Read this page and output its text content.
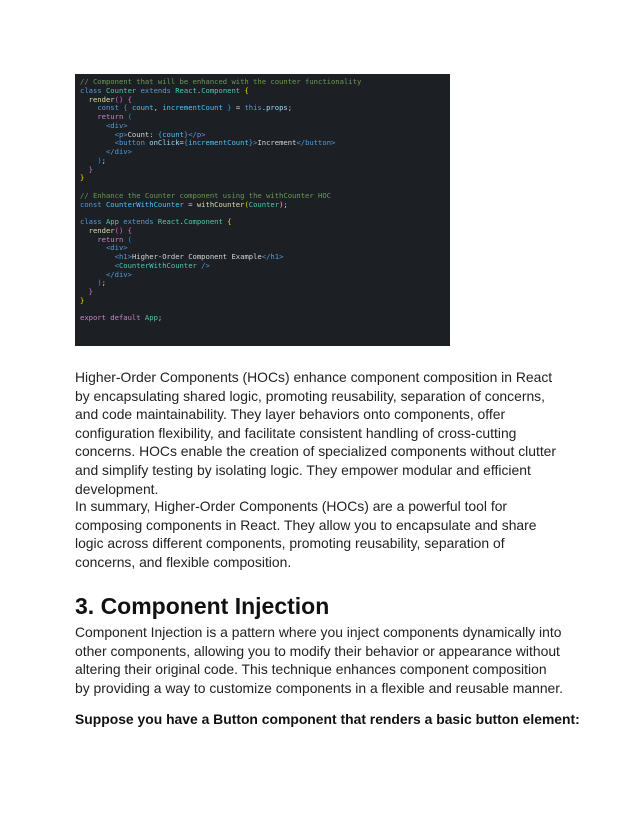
// Component that will be enhanced with the counter functionality
class Counter extends React.Component {
render() {
const { count, incrementCount } = this.props;
return (
<div>
<p>Count: {count}</p>
<button onClick={incrementCount}>Increment</button>
</div>
);
}
}
// Enhance the Counter component using the withCounter HOC
const CounterWithCounter = withCounter(Counter);
class App extends React.Component {
render() {
return (
<div>
<h1>Higher-Order Component Example</h1>
<CounterWithCounter />
</div>
);
}
}
export default App;

Higher-Order Components (HOCs) enhance component composition in React by encapsulating shared logic, promoting reusability, separation of concerns, and code maintainability. They layer behaviors onto components, offer configuration flexibility, and facilitate consistent handling of cross-cutting concerns. HOCs enable the creation of specialized components without clutter and simplify testing by isolating logic. They empower modular and efficient development.

In summary, Higher-Order Components (HOCs) are a powerful tool for composing components in React. They allow you to encapsulate and share logic across different components, promoting reusability, separation of concerns, and flexible composition.

3. Component Injection

Component Injection is a pattern where you inject components dynamically into other components, allowing you to modify their behavior or appearance without altering their original code. This technique enhances component composition by providing a way to customize components in a flexible and reusable manner.

Suppose you have a Button component that renders a basic button element:
